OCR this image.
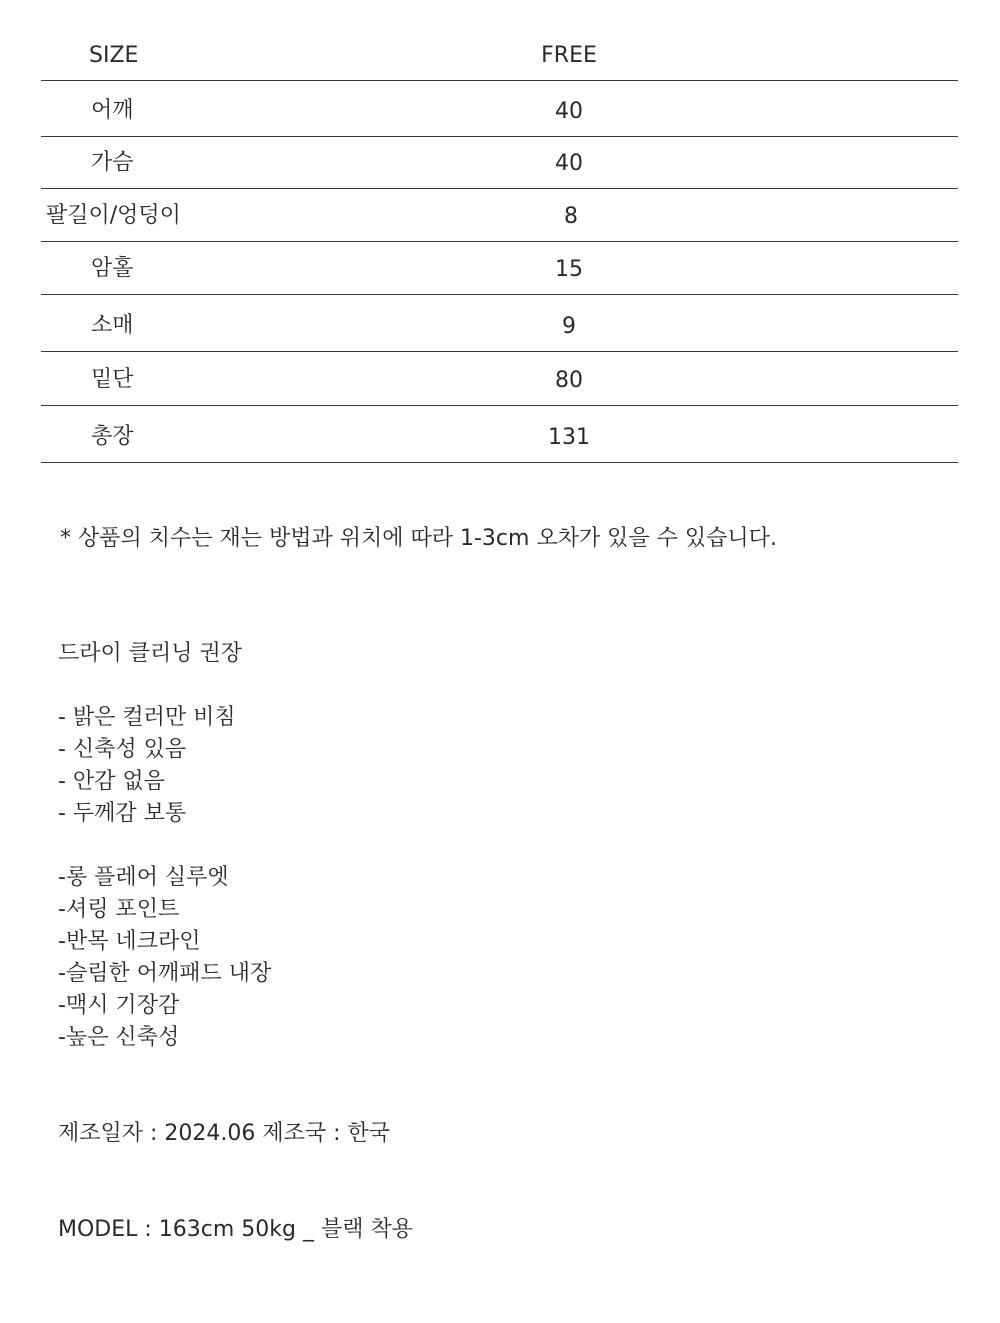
SIZE	FREE
어깨	40
가슴	40
팔길이/엉덩이	8
암홀	15
소매	9
밑단	80
총장	131
* 상품의 치수는 재는 방법과 위치에 따라 1-3cm 오차가 있을 수 있습니다.
드라이 클리닝 권장
- 밝은 컬러만 비침
- 신축성 있음
- 안감 없음
- 두께감 보통
-롱 플레어 실루엣
-셔링 포인트
-반목 네크라인
-슬림한 어깨패드 내장
-맥시 기장감
-높은 신축성
제조일자 : 2024.06 제조국 : 한국
MODEL : 163cm 50kg _ 블랙 착용
